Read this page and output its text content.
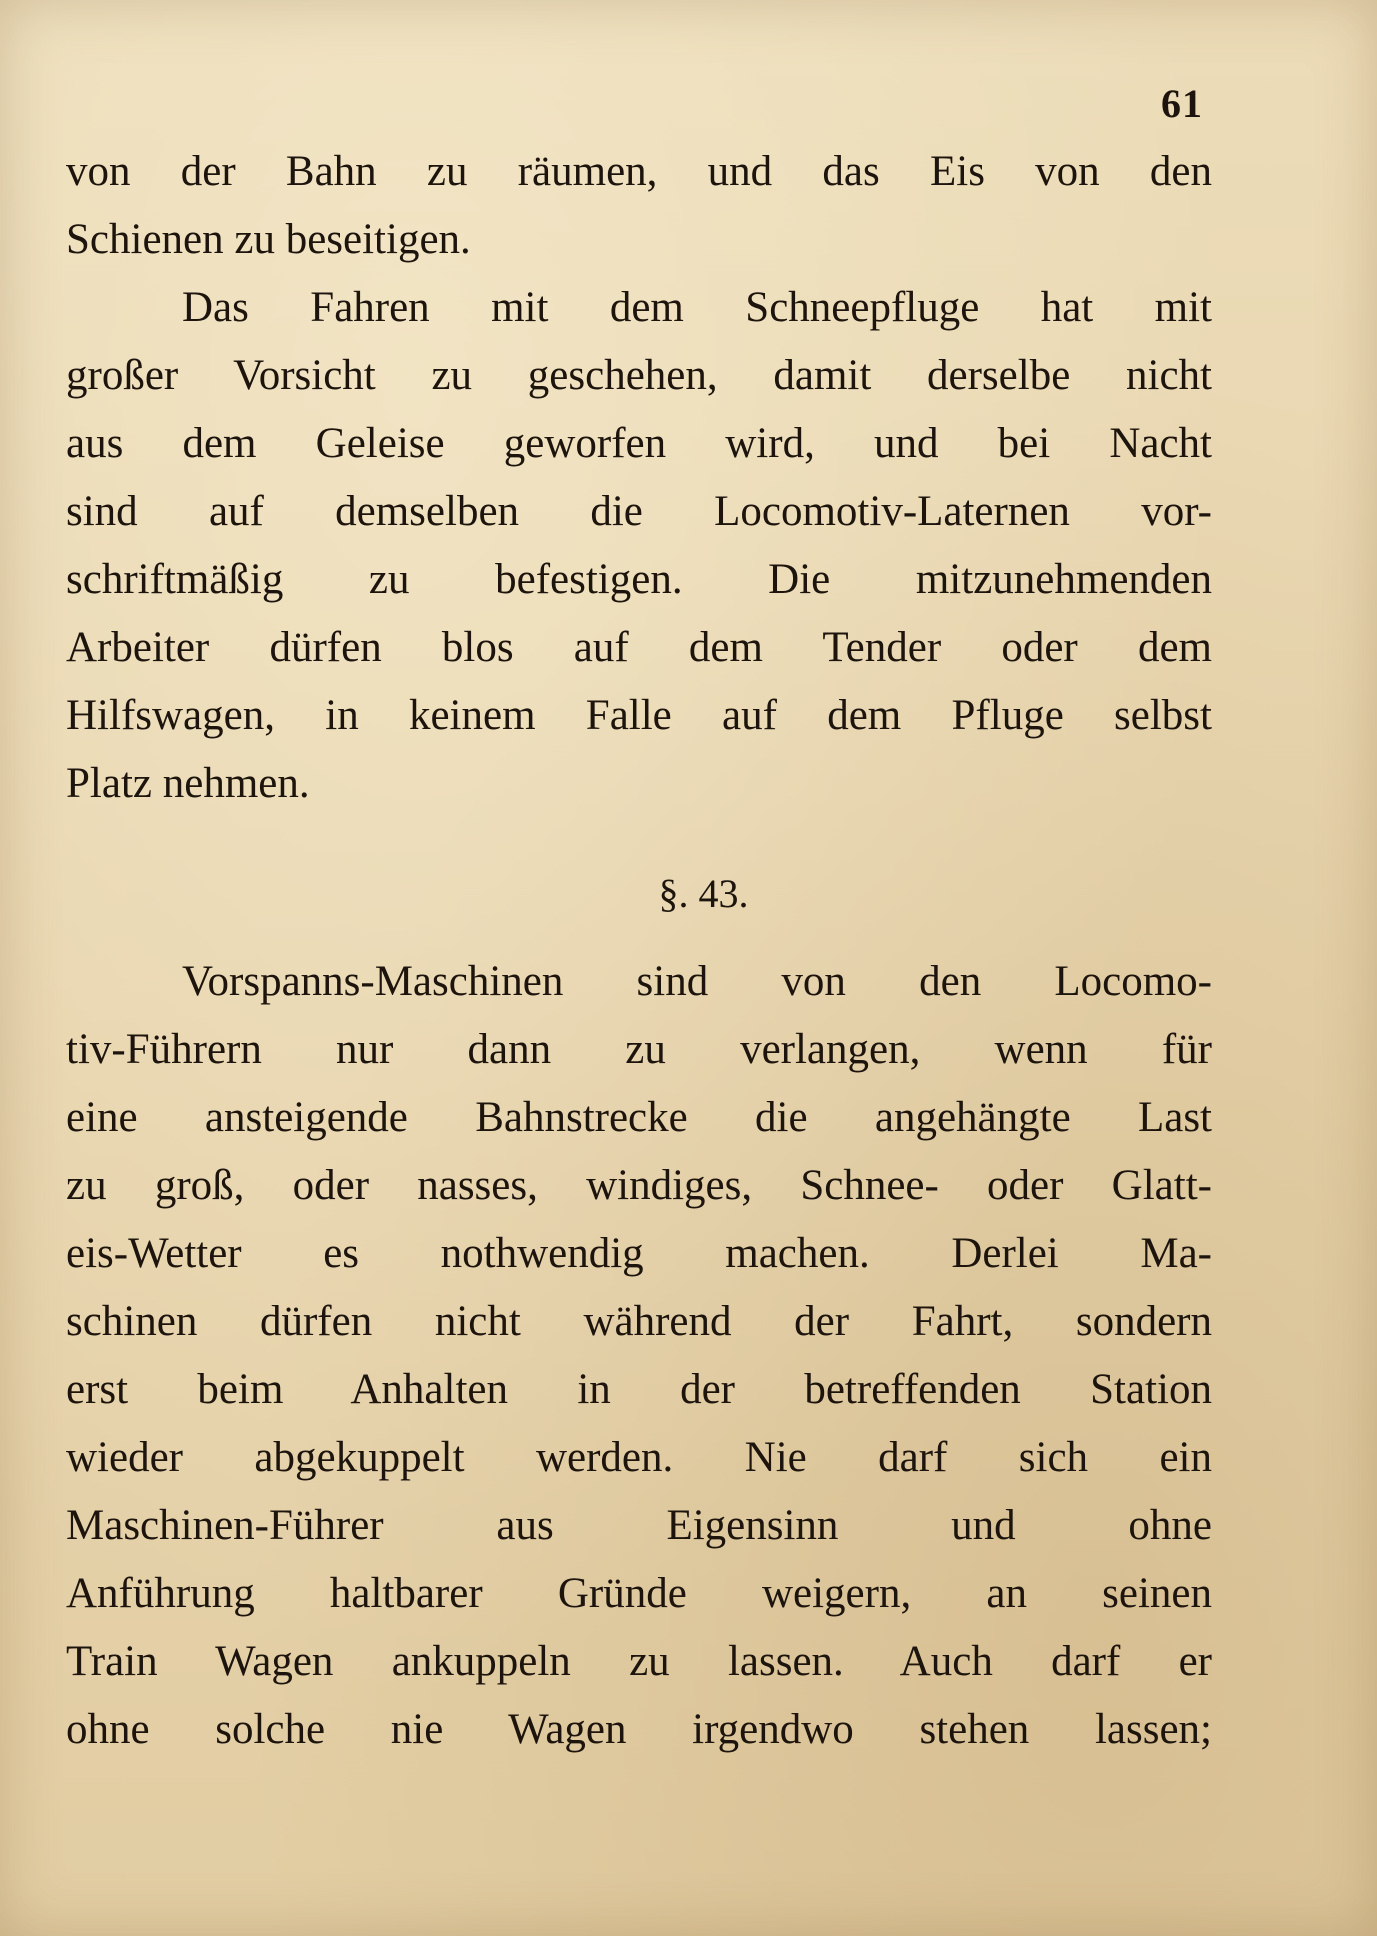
61
von der Bahn zu räumen, und das Eis von den
Schienen zu beseitigen.
Das Fahren mit dem Schneepfluge hat mit
großer Vorsicht zu geschehen, damit derselbe nicht
aus dem Geleise geworfen wird, und bei Nacht
sind auf demselben die Locomotiv-Laternen vor-
schriftmäßig zu befestigen. Die mitzunehmenden
Arbeiter dürfen blos auf dem Tender oder dem
Hilfswagen, in keinem Falle auf dem Pfluge selbst
Platz nehmen.
§. 43.
Vorspanns-Maschinen sind von den Locomo-
tiv-Führern nur dann zu verlangen, wenn für
eine ansteigende Bahnstrecke die angehängte Last
zu groß, oder nasses, windiges, Schnee- oder Glatt-
eis-Wetter es nothwendig machen. Derlei Ma-
schinen dürfen nicht während der Fahrt, sondern
erst beim Anhalten in der betreffenden Station
wieder abgekuppelt werden. Nie darf sich ein
Maschinen-Führer aus Eigensinn und ohne
Anführung haltbarer Gründe weigern, an seinen
Train Wagen ankuppeln zu lassen. Auch darf er
ohne solche nie Wagen irgendwo stehen lassen;
